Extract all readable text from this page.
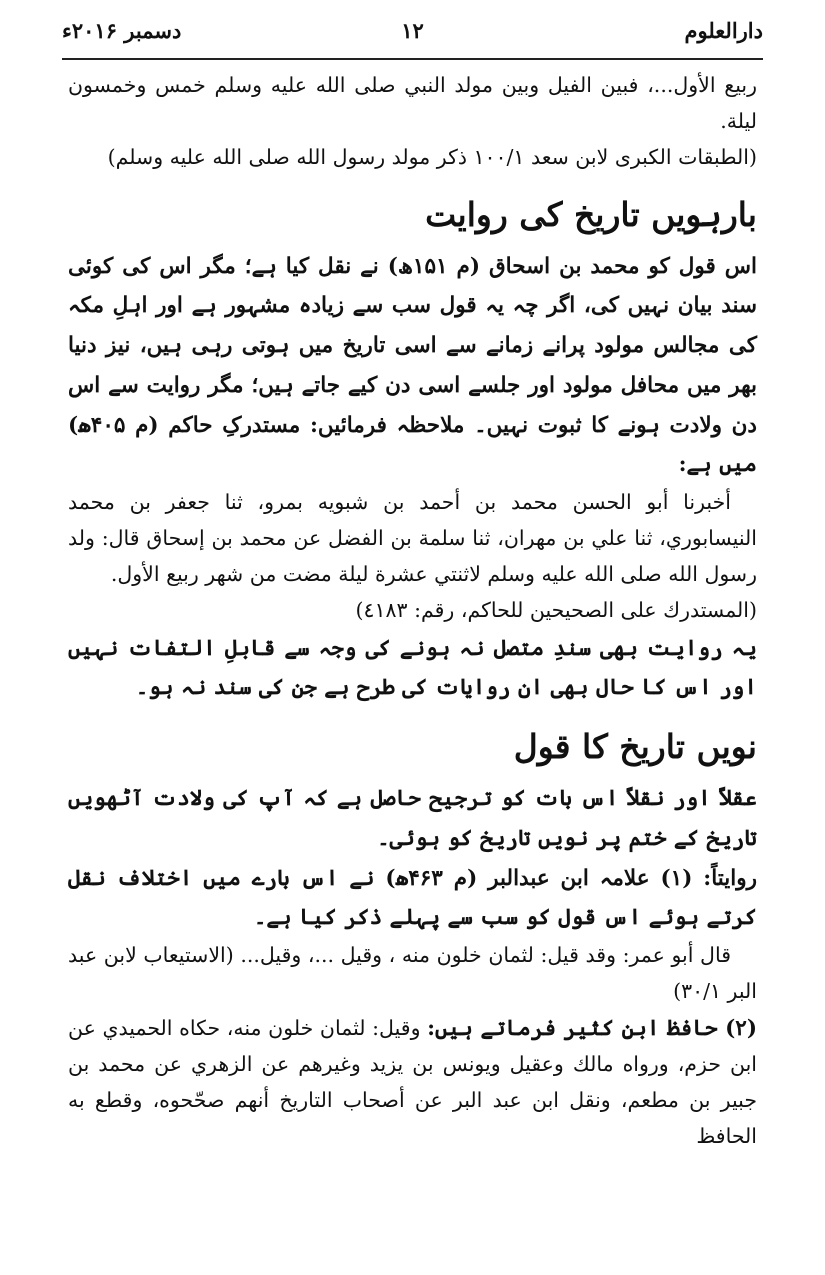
١٢	دارالعلوم
دسمبر ۲۰۱۶ء

ربيع الأول...، فبين الفيل وبين مولد النبي صلى الله عليه وسلم خمس وخمسون ليلة.

(الطبقات الكبرى لابن سعد ١٠٠/١ ذكر مولد رسول الله صلى الله عليه وسلم)

بارہویں تاریخ کی روایت

اس قول کو محمد بن اسحاق (م ۱۵۱ھ) نے نقل کیا ہے؛ مگر اس کی کوئی سند بیان نہیں کی، اگر چہ یہ قول سب سے زیادہ مشہور ہے اور اہلِ مکہ کی مجالس مولود پرانے زمانے سے اسی تاریخ میں ہوتی رہی ہیں، نیز دنیا بھر میں محافل مولود اور جلسے اسی دن کیے جاتے ہیں؛ مگر روایت سے اس دن ولادت ہونے کا ثبوت نہیں۔ ملاحظہ فرمائیں: مستدرکِ حاکم (م ۴۰۵ھ) میں ہے:

أخبرنا أبو الحسن محمد بن أحمد بن شبويه بمرو، ثنا جعفر بن محمد النيسابوري، ثنا علي بن مهران، ثنا سلمة بن الفضل عن محمد بن إسحاق قال: ولد رسول الله صلى الله عليه وسلم لاثنتي عشرة ليلة مضت من شهر ربيع الأول.

(المستدرك على الصحيحين للحاكم، رقم: ٤١٨٣)

یہ روایت بھی سندِ متصل نہ ہونے کی وجہ سے قابلِ التفات نہیں اور اس کا حال بھی ان روایات کی طرح ہے جن کی سند نہ ہو۔

نویں تاریخ کا قول

عقلاً اور نقلاً اس بات کو ترجیح حاصل ہے کہ آپ کی ولادت آٹھویں تاریخ کے ختم پر نویں تاریخ کو ہوئی۔

روایتاً: (۱) علامہ ابن عبدالبر (م ۴۶۳ھ) نے اس بارے میں اختلاف نقل کرتے ہوئے اس قول کو سب سے پہلے ذکر کیا ہے۔

قال أبو عمر: وقد قيل: لثمان خلون منه ، وقيل ...، وقيل... (الاستيعاب لابن عبد البر ٣٠/١)

(۲) حافظ ابنِ کثیر فرماتے ہیں: وقيل: لثمان خلون منه، حكاه الحميدي عن ابن حزم، ورواه مالك وعقيل ويونس بن يزيد وغيرهم عن الزهري عن محمد بن جبير بن مطعم، ونقل ابن عبد البر عن أصحاب التاريخ أنهم صحّحوه، وقطع به الحافظ
